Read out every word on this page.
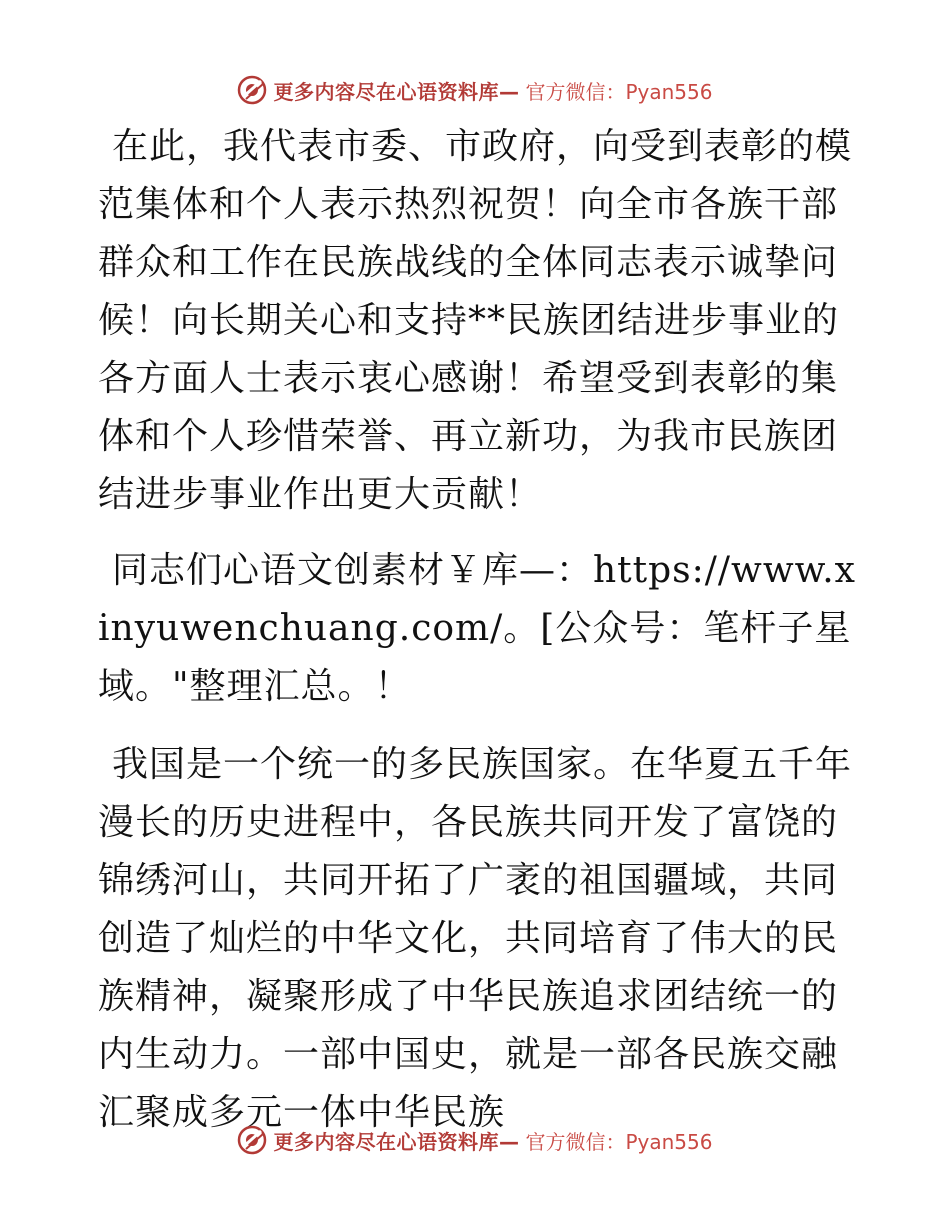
更多内容尽在心语资料库— 官方微信：Pyan556

在此，我代表市委、市政府，向受到表彰的模范集体和个人表示热烈祝贺！向全市各族干部群众和工作在民族战线的全体同志表示诚挚问候！向长期关心和支持**民族团结进步事业的各方面人士表示衷心感谢！希望受到表彰的集体和个人珍惜荣誉、再立新功，为我市民族团结进步事业作出更大贡献！

同志们心语文创素材￥库—：https://www.xinyuwenchuang.com/。[公众号：笔杆子星域。"整理汇总。！

我国是一个统一的多民族国家。在华夏五千年漫长的历史进程中，各民族共同开发了富饶的锦绣河山，共同开拓了广袤的祖国疆域，共同创造了灿烂的中华文化，共同培育了伟大的民族精神，凝聚形成了中华民族追求团结统一的内生动力。一部中国史，就是一部各民族交融汇聚成多元一体中华民族

更多内容尽在心语资料库— 官方微信：Pyan556
